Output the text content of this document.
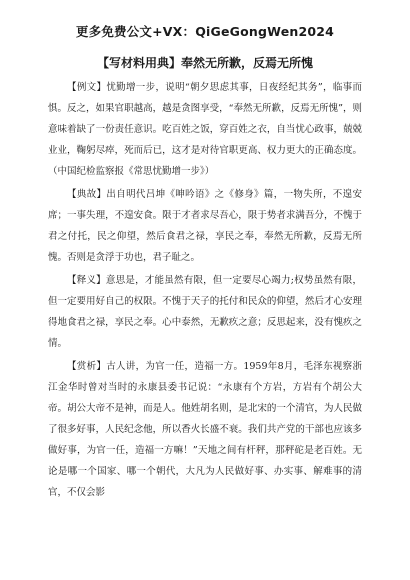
更多免费公文+VX：QiGeGongWen2024
【写材料用典】奉然无所歉，反焉无所愧

【例文】忧勤增一步，说明“朝夕思虑其事，日夜经纪其务”，临事而惧。反之，如果官职越高，越是贪图享受，“奉然无所歉，反焉无所愧”，则意味着缺了一份责任意识。吃百姓之饭，穿百姓之衣，自当忧心政事，兢兢业业，鞠躬尽瘁，死而后已，这才是对待官职更高、权力更大的正确态度。（中国纪检监察报《常思忧勤增一步》）

【典故】出自明代吕坤《呻吟语》之《修身》篇，一物失所，不遑安席；一事失理，不遑安食。限于才者求尽吾心，限于势者求满吾分，不愧于君之付托，民之仰望，然后食君之禄，享民之奉，奉然无所歉，反焉无所愧。否则是贪浮于功也，君子耻之。

【释义】意思是，才能虽然有限，但一定要尽心竭力;权势虽然有限，但一定要用好自己的权限。不愧于天子的托付和民众的仰望，然后才心安理得地食君之禄，享民之奉。心中泰然，无歉疚之意；反思起来，没有愧疚之情。

【赏析】古人讲，为官一任，造福一方。1959年8月，毛泽东视察浙江金华时曾对当时的永康县委书记说：“永康有个方岩，方岩有个胡公大帝。胡公大帝不是神，而是人。他姓胡名则，是北宋的一个清官，为人民做了很多好事，人民纪念他，所以香火长盛不衰。我们共产党的干部也应该多做好事，为官一任，造福一方嘛！”天地之间有杆秤，那秤砣是老百姓。无论是哪一个国家、哪一个朝代，大凡为人民做好事、办实事、解难事的清官，不仅会影
